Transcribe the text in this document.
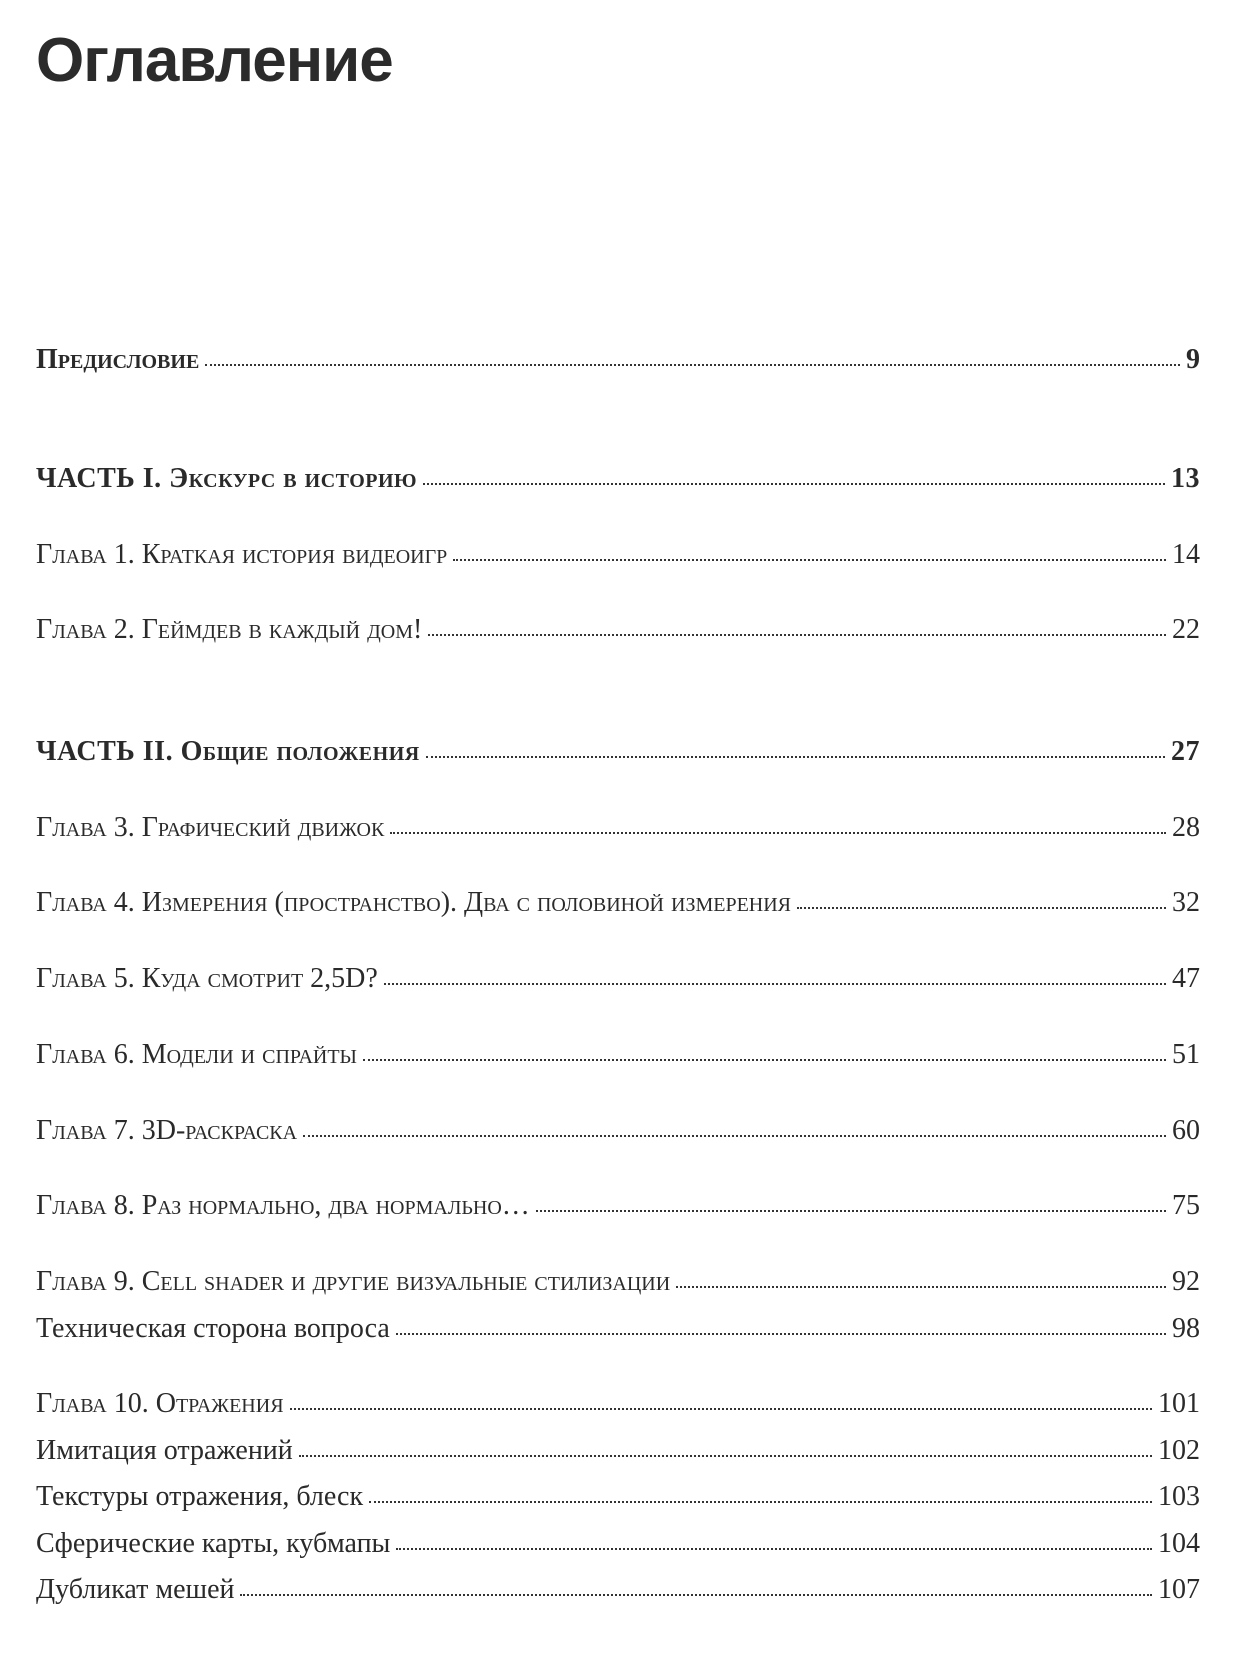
Оглавление
Предисловие	9
ЧАСТЬ I. Экскурс в историю	13
Глава 1. Краткая история видеоигр	14
Глава 2. Геймдев в каждый дом!	22
ЧАСТЬ II. Общие положения	27
Глава 3. Графический движок	28
Глава 4. Измерения (пространство). Два с половиной измерения	32
Глава 5. Куда смотрит 2,5D?	47
Глава 6. Модели и спрайты	51
Глава 7. 3D-раскраска	60
Глава 8. Раз нормально, два нормально…	75
Глава 9. Cell shader и другие визуальные стилизации	92
Техническая сторона вопроса	98
Глава 10. Отражения	101
Имитация отражений	102
Текстуры отражения, блеск	103
Сферические карты, кубмапы	104
Дубликат мешей	107
